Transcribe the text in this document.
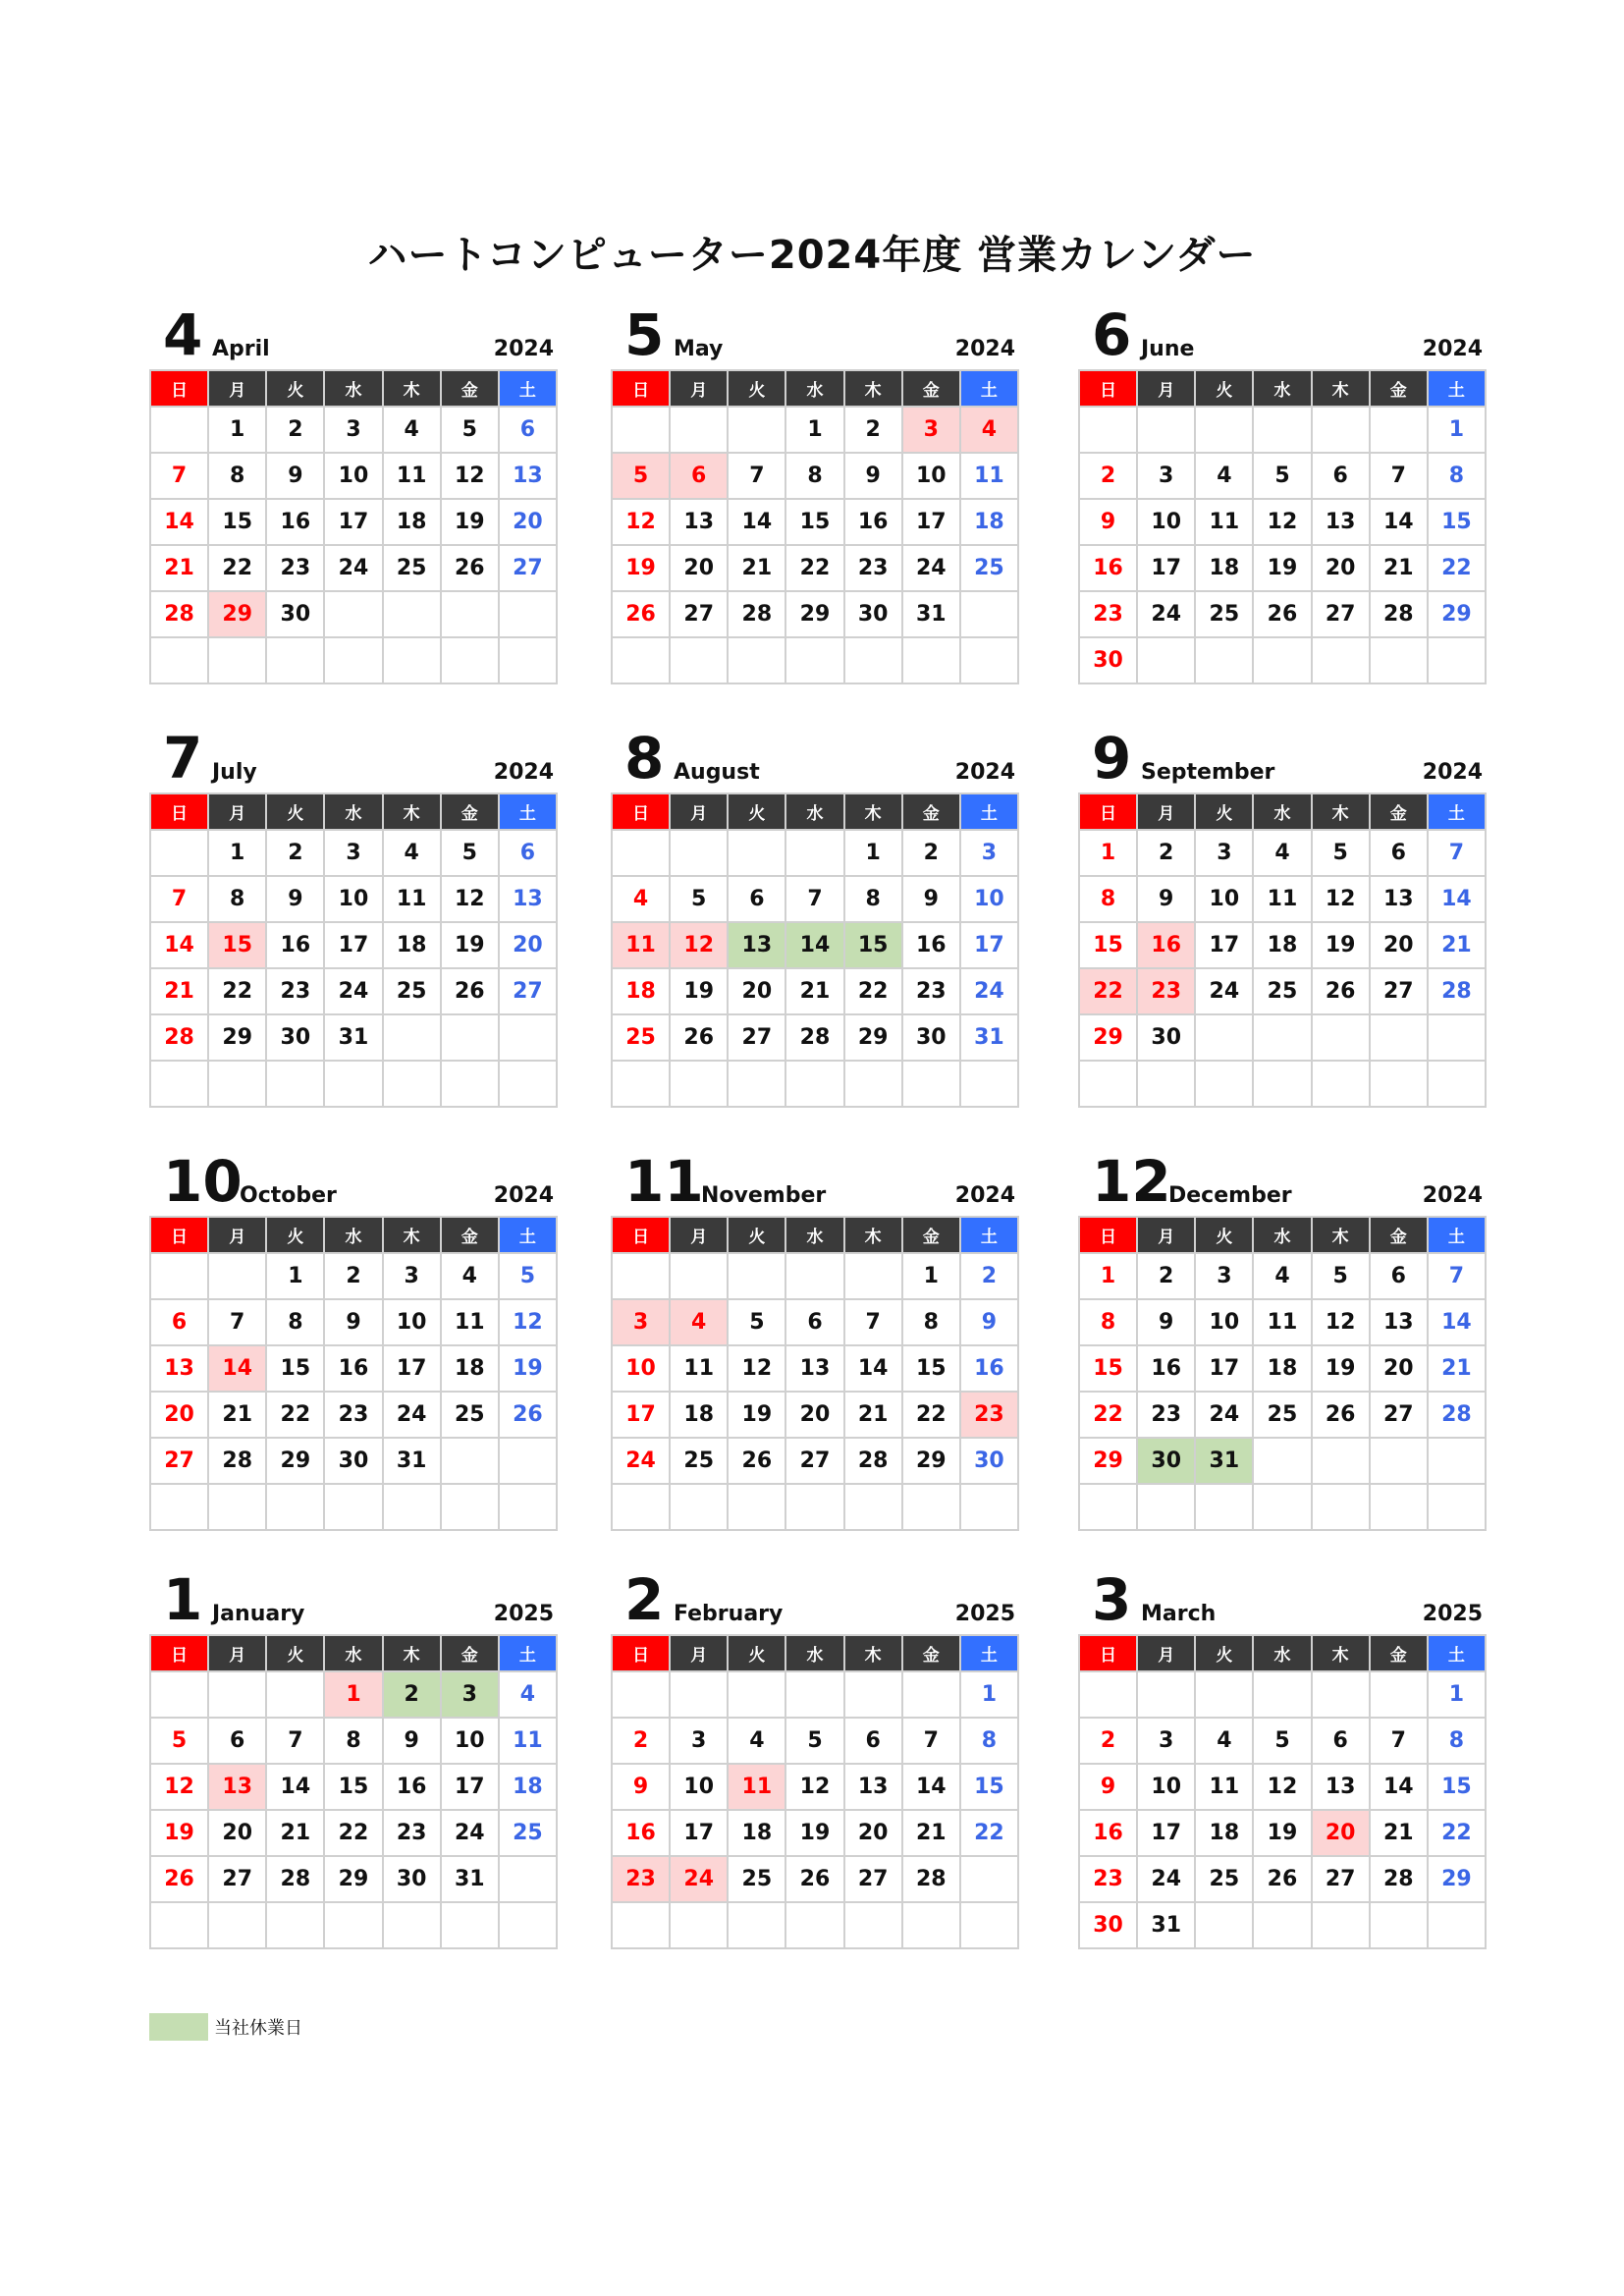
ハートコンピューター2024年度 営業カレンダー
4 April	2024
日	月	火	水	木	金	土
	1	2	3	4	5	6
7	8	9	10	11	12	13
14	15	16	17	18	19	20
21	22	23	24	25	26	27
28	29	30				

5 May	2024
日	月	火	水	木	金	土
			1	2	3	4
5	6	7	8	9	10	11
12	13	14	15	16	17	18
19	20	21	22	23	24	25
26	27	28	29	30	31	

6 June	2024
日	月	火	水	木	金	土
						1
2	3	4	5	6	7	8
9	10	11	12	13	14	15
16	17	18	19	20	21	22
23	24	25	26	27	28	29
30						
7 July	2024
日	月	火	水	木	金	土
	1	2	3	4	5	6
7	8	9	10	11	12	13
14	15	16	17	18	19	20
21	22	23	24	25	26	27
28	29	30	31			

8 August	2024
日	月	火	水	木	金	土
				1	2	3
4	5	6	7	8	9	10
11	12	13	14	15	16	17
18	19	20	21	22	23	24
25	26	27	28	29	30	31

9 September	2024
日	月	火	水	木	金	土
1	2	3	4	5	6	7
8	9	10	11	12	13	14
15	16	17	18	19	20	21
22	23	24	25	26	27	28
29	30					

10
October	2024
日	月	火	水	木	金	土
		1	2	3	4	5
6	7	8	9	10	11	12
13	14	15	16	17	18	19
20	21	22	23	24	25	26
27	28	29	30	31		

11
November	2024
日	月	火	水	木	金	土
					1	2
3	4	5	6	7	8	9
10	11	12	13	14	15	16
17	18	19	20	21	22	23
24	25	26	27	28	29	30

12
December	2024
日	月	火	水	木	金	土
1	2	3	4	5	6	7
8	9	10	11	12	13	14
15	16	17	18	19	20	21
22	23	24	25	26	27	28
29	30	31				

1 January	2025
日	月	火	水	木	金	土
			1	2	3	4
5	6	7	8	9	10	11
12	13	14	15	16	17	18
19	20	21	22	23	24	25
26	27	28	29	30	31	

2 February	2025
日	月	火	水	木	金	土
						1
2	3	4	5	6	7	8
9	10	11	12	13	14	15
16	17	18	19	20	21	22
23	24	25	26	27	28	

3 March	2025
日	月	火	水	木	金	土
						1
2	3	4	5	6	7	8
9	10	11	12	13	14	15
16	17	18	19	20	21	22
23	24	25	26	27	28	29
30	31					
当社休業日
